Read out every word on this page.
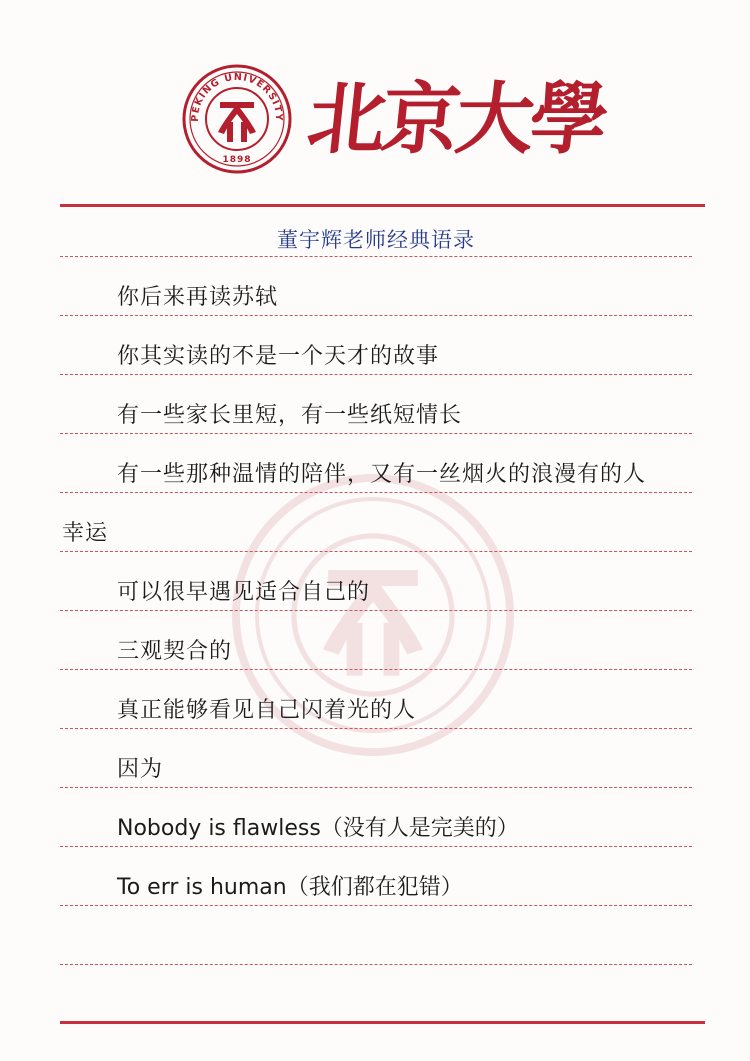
PEKING UNIVERSITY
1898 北京大學
董宇辉老师经典语录
你后来再读苏轼
你其实读的不是一个天才的故事
有一些家长里短，有一些纸短情长
有一些那种温情的陪伴，又有一丝烟火的浪漫有的人
幸运
可以很早遇见适合自己的
三观契合的
真正能够看见自己闪着光的人
因为
Nobody is flawless（没有人是完美的）
To err is human（我们都在犯错）
